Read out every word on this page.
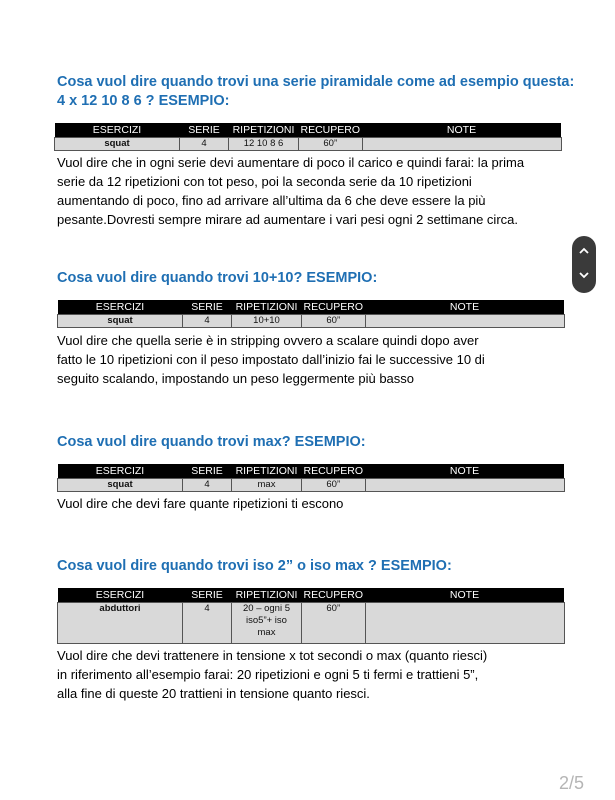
Cosa vuol dire quando trovi una serie piramidale come ad esempio questa:
4 x 12 10 8 6 ? ESEMPIO:
ESERCIZI	SERIE	RIPETIZIONI	RECUPERO	NOTE
squat	4	12 10 8 6	60”	
Vuol dire che in ogni serie devi aumentare di poco il carico e quindi farai: la prima
serie da 12 ripetizioni con tot peso, poi la seconda serie da 10 ripetizioni
aumentando di poco, fino ad arrivare all’ultima da 6 che deve essere la più
pesante.Dovresti sempre mirare ad aumentare i vari pesi ogni 2 settimane circa.
Cosa vuol dire quando trovi 10+10? ESEMPIO:
ESERCIZI	SERIE	RIPETIZIONI	RECUPERO	NOTE
squat	4	10+10	60”	
Vuol dire che quella serie è in stripping ovvero a scalare quindi dopo aver
fatto le 10 ripetizioni con il peso impostato dall’inizio fai le successive 10 di
seguito scalando, impostando un peso leggermente più basso
Cosa vuol dire quando trovi max? ESEMPIO:
ESERCIZI	SERIE	RIPETIZIONI	RECUPERO	NOTE
squat	4	max	60”	
Vuol dire che devi fare quante ripetizioni ti escono
Cosa vuol dire quando trovi iso 2” o iso max ? ESEMPIO:
ESERCIZI	SERIE	RIPETIZIONI	RECUPERO	NOTE
abduttori	4	20 – ogni 5
iso5”+ iso
max	60”	
Vuol dire che devi trattenere in tensione x tot secondi o max (quanto riesci)
in riferimento all’esempio farai: 20 ripetizioni e ogni 5 ti fermi e trattieni 5”,
alla fine di queste 20 trattieni in tensione quanto riesci.
2/5
